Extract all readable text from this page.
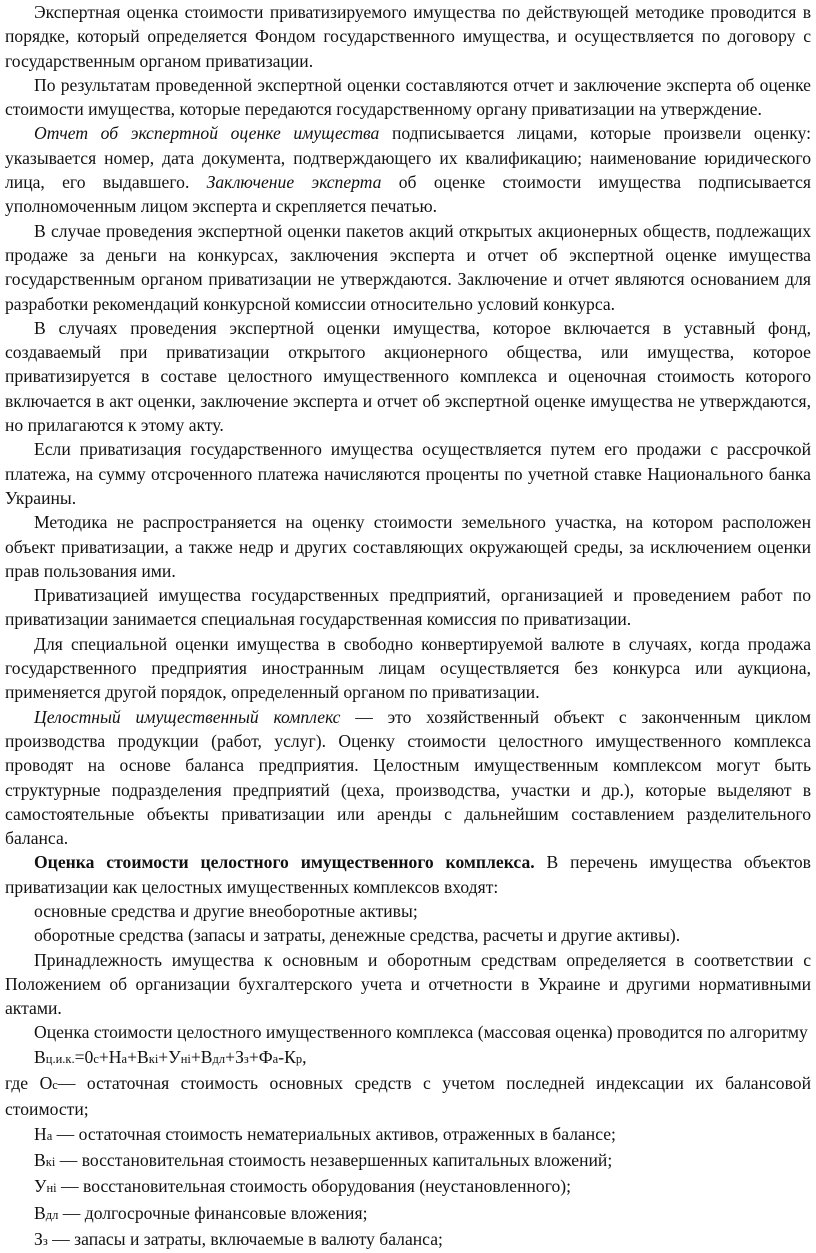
Экспертная оценка стоимости приватизируемого имущества по действующей методике проводится в порядке, который определяется Фондом государственного имущества, и осуществляется по договору с государственным органом приватизации.

По результатам проведенной экспертной оценки составляются отчет и заключение эксперта об оценке стоимости имущества, которые передаются государственному органу приватизации на утверждение.

Отчет об экспертной оценке имущества подписывается лицами, которые произвели оценку: указывается номер, дата документа, подтверждающего их квалификацию; наименование юридического лица, его выдавшего. Заключение эксперта об оценке стоимости имущества подписывается уполномоченным лицом эксперта и скрепляется печатью.

В случае проведения экспертной оценки пакетов акций открытых акционерных обществ, подлежащих продаже за деньги на конкурсах, заключения эксперта и отчет об экспертной оценке имущества государственным органом приватизации не утверждаются. Заключение и отчет являются основанием для разработки рекомендаций конкурсной комиссии относительно условий конкурса.

В случаях проведения экспертной оценки имущества, которое включается в уставный фонд, создаваемый при приватизации открытого акционерного общества, или имущества, которое приватизируется в составе целостного имущественного комплекса и оценочная стоимость которого включается в акт оценки, заключение эксперта и отчет об экспертной оценке имущества не утверждаются, но прилагаются к этому акту.

Если приватизация государственного имущества осуществляется путем его продажи с рассрочкой платежа, на сумму отсроченного платежа начисляются проценты по учетной ставке Национального банка Украины.

Методика не распространяется на оценку стоимости земельного участка, на котором расположен объект приватизации, а также недр и других составляющих окружающей среды, за исключением оценки прав пользования ими.

Приватизацией имущества государственных предприятий, организацией и проведением работ по приватизации занимается специальная государственная комиссия по приватизации.

Для специальной оценки имущества в свободно конвертируемой валюте в случаях, когда продажа государственного предприятия иностранным лицам осуществляется без конкурса или аукциона, применяется другой порядок, определенный органом по приватизации.

Целостный имущественный комплекс — это хозяйственный объект с законченным циклом производства продукции (работ, услуг). Оценку стоимости целостного имущественного комплекса проводят на основе баланса предприятия. Целостным имущественным комплексом могут быть структурные подразделения предприятий (цеха, производства, участки и др.), которые выделяют в самостоятельные объекты приватизации или аренды с дальнейшим составлением разделительного баланса.

Оценка стоимости целостного имущественного комплекса. В перечень имущества объектов приватизации как целостных имущественных комплексов входят:

основные средства и другие внеоборотные активы;

оборотные средства (запасы и затраты, денежные средства, расчеты и другие активы).

Принадлежность имущества к основным и оборотным средствам определяется в соответствии с Положением об организации бухгалтерского учета и отчетности в Украине и другими нормативными актами.

Оценка стоимости целостного имущественного комплекса (массовая оценка) проводится по алгоритму

Вц.и.к.=0с+На+Вкі+Уні+Вдл+Зз+Фа-Кр,

где Ос— остаточная стоимость основных средств с учетом последней индексации их балансовой стоимости;

На — остаточная стоимость нематериальных активов, отраженных в балансе;

Вкі — восстановительная стоимость незавершенных капитальных вложений;

Уні — восстановительная стоимость оборудования (неустановленного);

Вдл — долгосрочные финансовые вложения;

Зз — запасы и затраты, включаемые в валюту баланса;
